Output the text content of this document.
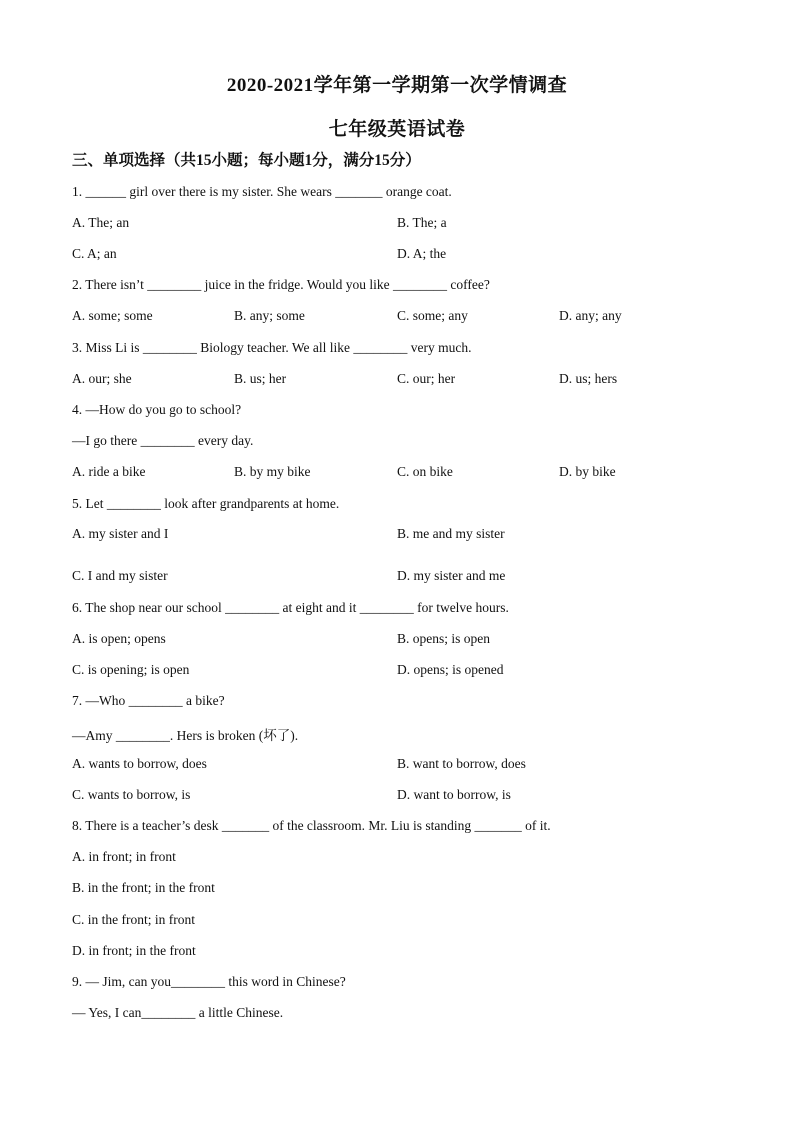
2020-2021学年第一学期第一次学情调查
七年级英语试卷
三、单项选择（共15小题；每小题1分，满分15分）
1. ______ girl over there is my sister. She wears _______ orange coat.
A. The; an	B. The; a
C. A; an	D. A; the
2. There isn’t ________ juice in the fridge. Would you like ________ coffee?
A. some; some	B. any; some	C. some; any	D. any; any
3. Miss Li is ________ Biology teacher. We all like ________ very much.
A. our; she	B. us; her	C. our; her	D. us; hers
4. —How do you go to school?
—I go there ________ every day.
A. ride a bike	B. by my bike	C. on bike	D. by bike
5. Let ________ look after grandparents at home.
A. my sister and I	B. me and my sister
C. I and my sister	D. my sister and me
6. The shop near our school ________ at eight and it ________ for twelve hours.
A. is open; opens	B. opens; is open
C. is opening; is open	D. opens; is opened
7. —Who ________ a bike?
—Amy ________. Hers is broken (坏了).
A. wants to borrow, does	B. want to borrow, does
C. wants to borrow, is	D. want to borrow, is
8. There is a teacher’s desk _______ of the classroom. Mr. Liu is standing _______ of it.
A. in front; in front
B. in the front; in the front
C. in the front; in front
D. in front; in the front
9. — Jim, can you________ this word in Chinese?
— Yes, I can________ a little Chinese.
